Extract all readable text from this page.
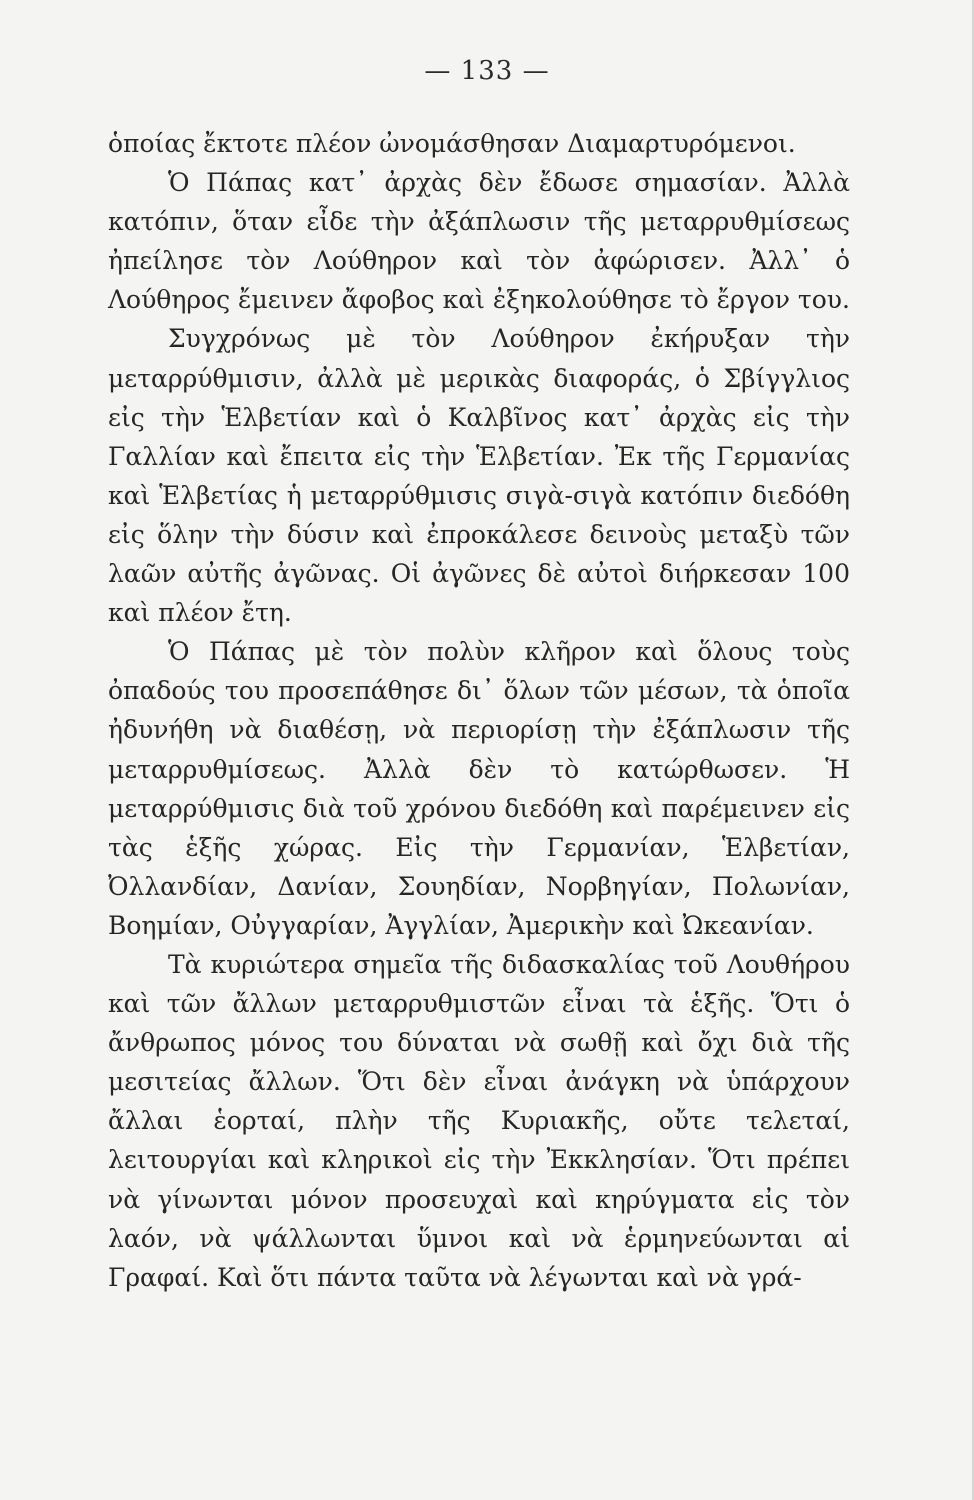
— 133 —

ὁποίας ἔκτοτε πλέον ὠνομάσθησαν Διαμαρτυρόμενοι.

Ὁ Πάπας κατ᾽ ἀρχὰς δὲν ἔδωσε σημασίαν. Ἀλλὰ κατόπιν, ὅταν εἶδε τὴν ἀξάπλωσιν τῆς μεταρρυθμίσεως ἠπείλησε τὸν Λούθηρον καὶ τὸν ἀφώρισεν. Ἀλλ᾽ ὁ Λούθηρος ἔμεινεν ἄφοβος καὶ ἐξηκολούθησε τὸ ἔργον του.

Συγχρόνως μὲ τὸν Λούθηρον ἐκήρυξαν τὴν μεταρρύθμισιν, ἀλλὰ μὲ μερικὰς διαφοράς, ὁ Σβίγγλιος εἰς τὴν Ἑλβετίαν καὶ ὁ Καλβῖνος κατ᾽ ἀρχὰς εἰς τὴν Γαλλίαν καὶ ἔπειτα εἰς τὴν Ἑλβετίαν. Ἐκ τῆς Γερμανίας καὶ Ἑλβετίας ἡ μεταρρύθμισις σιγὰ-σιγὰ κατόπιν διεδόθη εἰς ὅλην τὴν δύσιν καὶ ἐπροκάλεσε δεινοὺς μεταξὺ τῶν λαῶν αὐτῆς ἀγῶνας. Οἱ ἀγῶνες δὲ αὐτοὶ διήρκεσαν 100 καὶ πλέον ἔτη.

Ὁ Πάπας μὲ τὸν πολὺν κλῆρον καὶ ὅλους τοὺς ὀπαδούς του προσεπάθησε δι᾽ ὅλων τῶν μέσων, τὰ ὁποῖα ἠδυνήθη νὰ διαθέσῃ, νὰ περιορίσῃ τὴν ἐξάπλωσιν τῆς μεταρρυθμίσεως. Ἀλλὰ δὲν τὸ κατώρθωσεν. Ἡ μεταρρύθμισις διὰ τοῦ χρόνου διεδόθη καὶ παρέμεινεν εἰς τὰς ἑξῆς χώρας. Εἰς τὴν Γερμανίαν, Ἑλβετίαν, Ὀλλανδίαν, Δανίαν, Σουηδίαν, Νορβηγίαν, Πολωνίαν, Βοημίαν, Οὐγγαρίαν, Ἀγγλίαν, Ἀμερικὴν καὶ Ὠκεανίαν.

Τὰ κυριώτερα σημεῖα τῆς διδασκαλίας τοῦ Λουθήρου καὶ τῶν ἄλλων μεταρρυθμιστῶν εἶναι τὰ ἑξῆς. Ὅτι ὁ ἄνθρωπος μόνος του δύναται νὰ σωθῇ καὶ ὄχι διὰ τῆς μεσιτείας ἄλλων. Ὅτι δὲν εἶναι ἀνάγκη νὰ ὑπάρχουν ἄλλαι ἑορταί, πλὴν τῆς Κυριακῆς, οὔτε τελεταί, λειτουργίαι καὶ κληρικοὶ εἰς τὴν Ἐκκλησίαν. Ὅτι πρέπει νὰ γίνωνται μόνον προσευχαὶ καὶ κηρύγματα εἰς τὸν λαόν, νὰ ψάλλωνται ὕμνοι καὶ νὰ ἑρμηνεύωνται αἱ Γραφαί. Καὶ ὅτι πάντα ταῦτα νὰ λέγωνται καὶ νὰ γρά-
